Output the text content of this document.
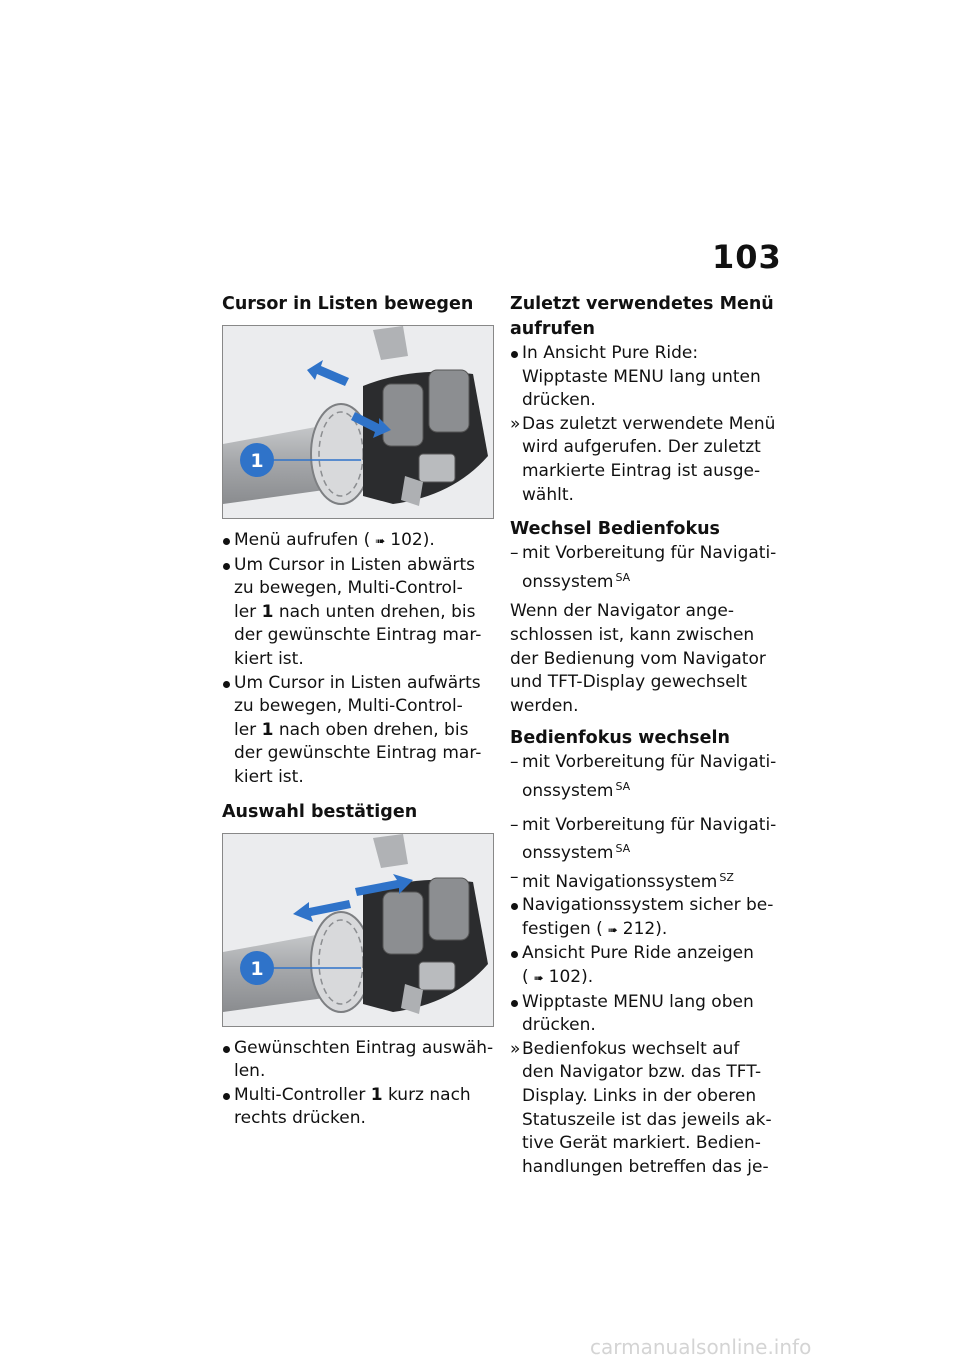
103
Cursor in Listen bewegen
1
Menü aufrufen ( ➠ 102).
Um Cursor in Listen abwärts
zu bewegen, Multi-Control-
ler 1 nach unten drehen, bis
der gewünschte Eintrag mar-
kiert ist.
Um Cursor in Listen aufwärts
zu bewegen, Multi-Control-
ler 1 nach oben drehen, bis
der gewünschte Eintrag mar-
kiert ist.
Auswahl bestätigen
1
Gewünschten Eintrag auswäh-len.
Multi-Controller 1 kurz nach rechts drücken.
Zuletzt verwendetes Menü
aufrufen
In Ansicht Pure Ride:
Wipptaste MENU lang unten
drücken.
» Das zuletzt verwendete Menü
wird aufgerufen. Der zuletzt
markierte Eintrag ist ausge-
wählt.
Wechsel Bedienfokus
– mit Vorbereitung für Navigati-
onssystem $^{SA}$

Wenn der Navigator ange-
schlossen ist, kann zwischen
der Bedienung vom Navigator
und TFT-Display gewechselt
werden.

Bedienfokus wechseln
– mit Vorbereitung für Navigati-
onssystem $^{SA}$
– mit Vorbereitung für Navigati-
onssystem $^{SA}$
– mit Navigationssystem $^{SZ}$
Navigationssystem sicher be-
festigen ( ➠ 212).
Ansicht Pure Ride anzeigen
( ➠ 102).
Wipptaste MENU lang oben
drücken.
» Bedienfokus wechselt auf
den Navigator bzw. das TFT-
Display. Links in der oberen
Statuszeile ist das jeweils ak-
tive Gerät markiert. Bedien-
handlungen betreffen das je-
carmanualsonline.info
